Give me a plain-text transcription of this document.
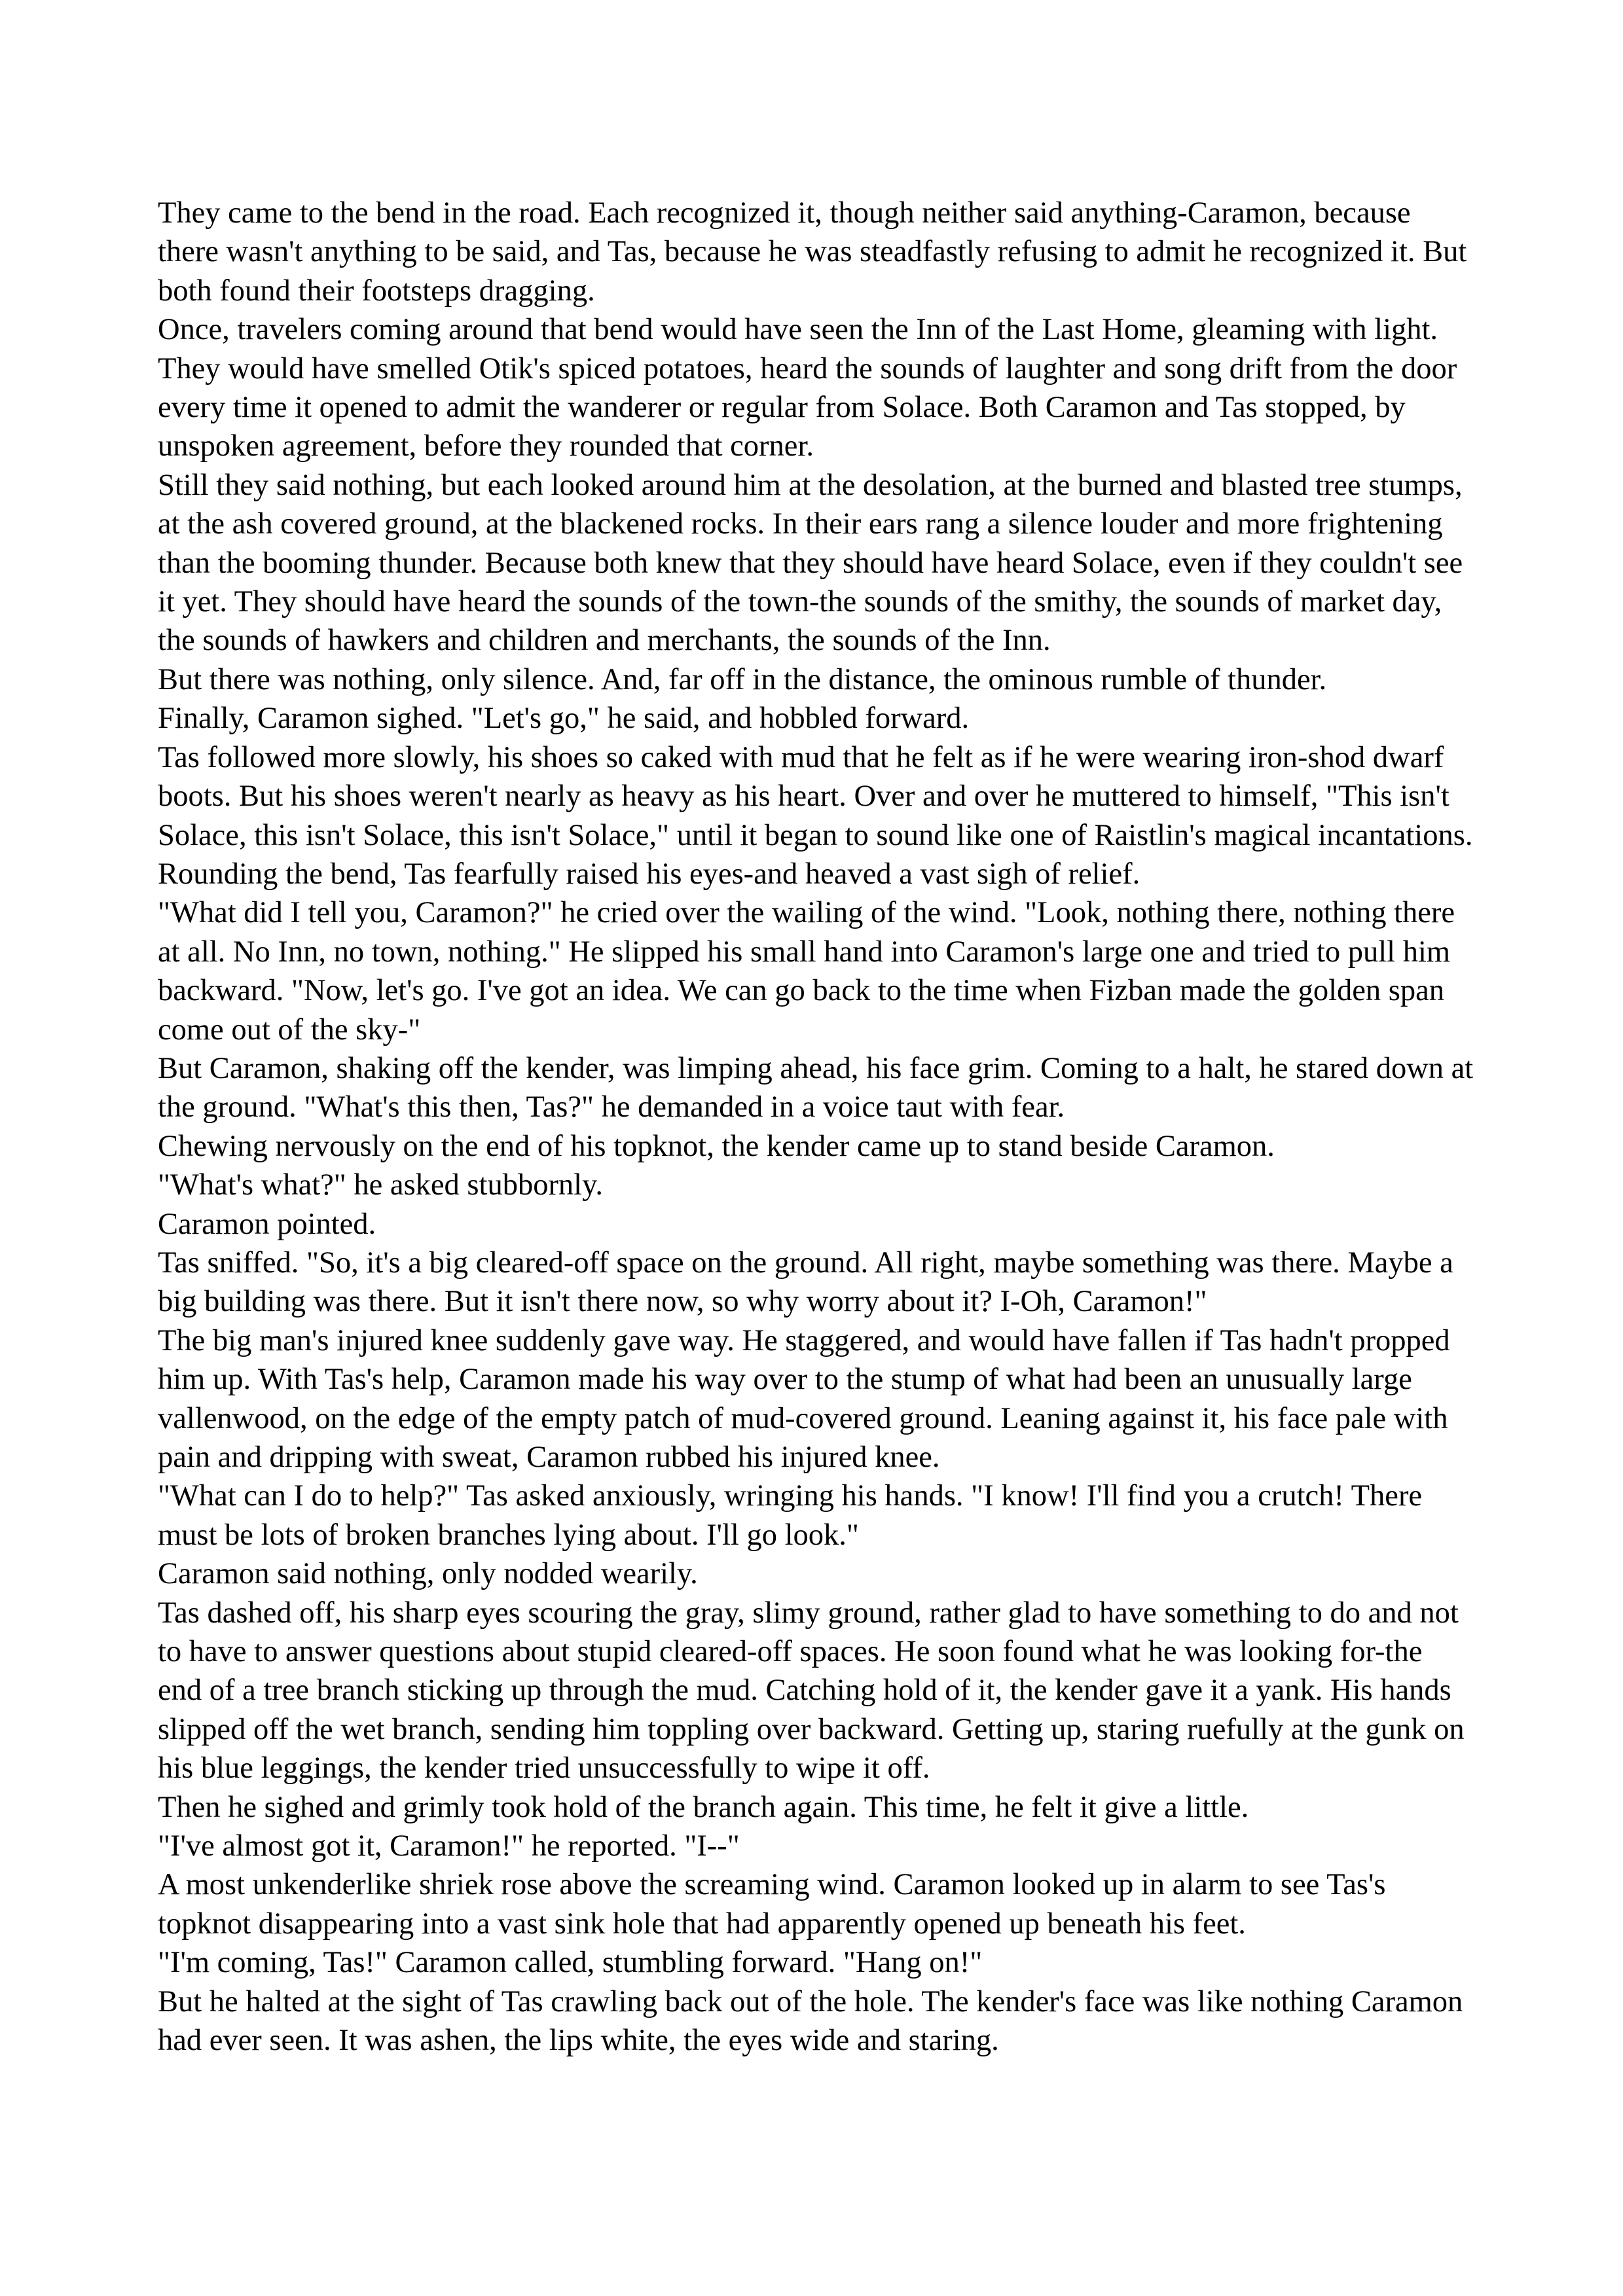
They came to the bend in the road. Each recognized it, though neither said anything-Caramon, because there wasn't anything to be said, and Tas, because he was steadfastly refusing to admit he recognized it. But both found their footsteps dragging.

Once, travelers coming around that bend would have seen the Inn of the Last Home, gleaming with light. They would have smelled Otik's spiced potatoes, heard the sounds of laughter and song drift from the door every time it opened to admit the wanderer or regular from Solace. Both Caramon and Tas stopped, by unspoken agreement, before they rounded that corner.

Still they said nothing, but each looked around him at the desolation, at the burned and blasted tree stumps, at the ash covered ground, at the blackened rocks. In their ears rang a silence louder and more frightening than the booming thunder. Because both knew that they should have heard Solace, even if they couldn't see it yet. They should have heard the sounds of the town-the sounds of the smithy, the sounds of market day, the sounds of hawkers and children and merchants, the sounds of the Inn.

But there was nothing, only silence. And, far off in the distance, the ominous rumble of thunder.

Finally, Caramon sighed. "Let's go," he said, and hobbled forward.

Tas followed more slowly, his shoes so caked with mud that he felt as if he were wearing iron-shod dwarf boots. But his shoes weren't nearly as heavy as his heart. Over and over he muttered to himself, "This isn't Solace, this isn't Solace, this isn't Solace," until it began to sound like one of Raistlin's magical incantations.

Rounding the bend, Tas fearfully raised his eyes-and heaved a vast sigh of relief.

"What did I tell you, Caramon?" he cried over the wailing of the wind. "Look, nothing there, nothing there at all. No Inn, no town, nothing." He slipped his small hand into Caramon's large one and tried to pull him backward. "Now, let's go. I've got an idea. We can go back to the time when Fizban made the golden span come out of the sky-"

But Caramon, shaking off the kender, was limping ahead, his face grim. Coming to a halt, he stared down at the ground. "What's this then, Tas?" he demanded in a voice taut with fear.

Chewing nervously on the end of his topknot, the kender came up to stand beside Caramon.

"What's what?" he asked stubbornly.

Caramon pointed.

Tas sniffed. "So, it's a big cleared-off space on the ground. All right, maybe something was there. Maybe a big building was there. But it isn't there now, so why worry about it? I-Oh, Caramon!"

The big man's injured knee suddenly gave way. He staggered, and would have fallen if Tas hadn't propped him up. With Tas's help, Caramon made his way over to the stump of what had been an unusually large vallenwood, on the edge of the empty patch of mud-covered ground. Leaning against it, his face pale with pain and dripping with sweat, Caramon rubbed his injured knee.

"What can I do to help?" Tas asked anxiously, wringing his hands. "I know! I'll find you a crutch! There must be lots of broken branches lying about. I'll go look."

Caramon said nothing, only nodded wearily.

Tas dashed off, his sharp eyes scouring the gray, slimy ground, rather glad to have something to do and not to have to answer questions about stupid cleared-off spaces. He soon found what he was looking for-the end of a tree branch sticking up through the mud. Catching hold of it, the kender gave it a yank. His hands slipped off the wet branch, sending him toppling over backward. Getting up, staring ruefully at the gunk on his blue leggings, the kender tried unsuccessfully to wipe it off.

Then he sighed and grimly took hold of the branch again. This time, he felt it give a little.

"I've almost got it, Caramon!" he reported. "I--"

A most unkenderlike shriek rose above the screaming wind. Caramon looked up in alarm to see Tas's topknot disappearing into a vast sink hole that had apparently opened up beneath his feet.

"I'm coming, Tas!" Caramon called, stumbling forward. "Hang on!"

But he halted at the sight of Tas crawling back out of the hole. The kender's face was like nothing Caramon had ever seen. It was ashen, the lips white, the eyes wide and staring.
